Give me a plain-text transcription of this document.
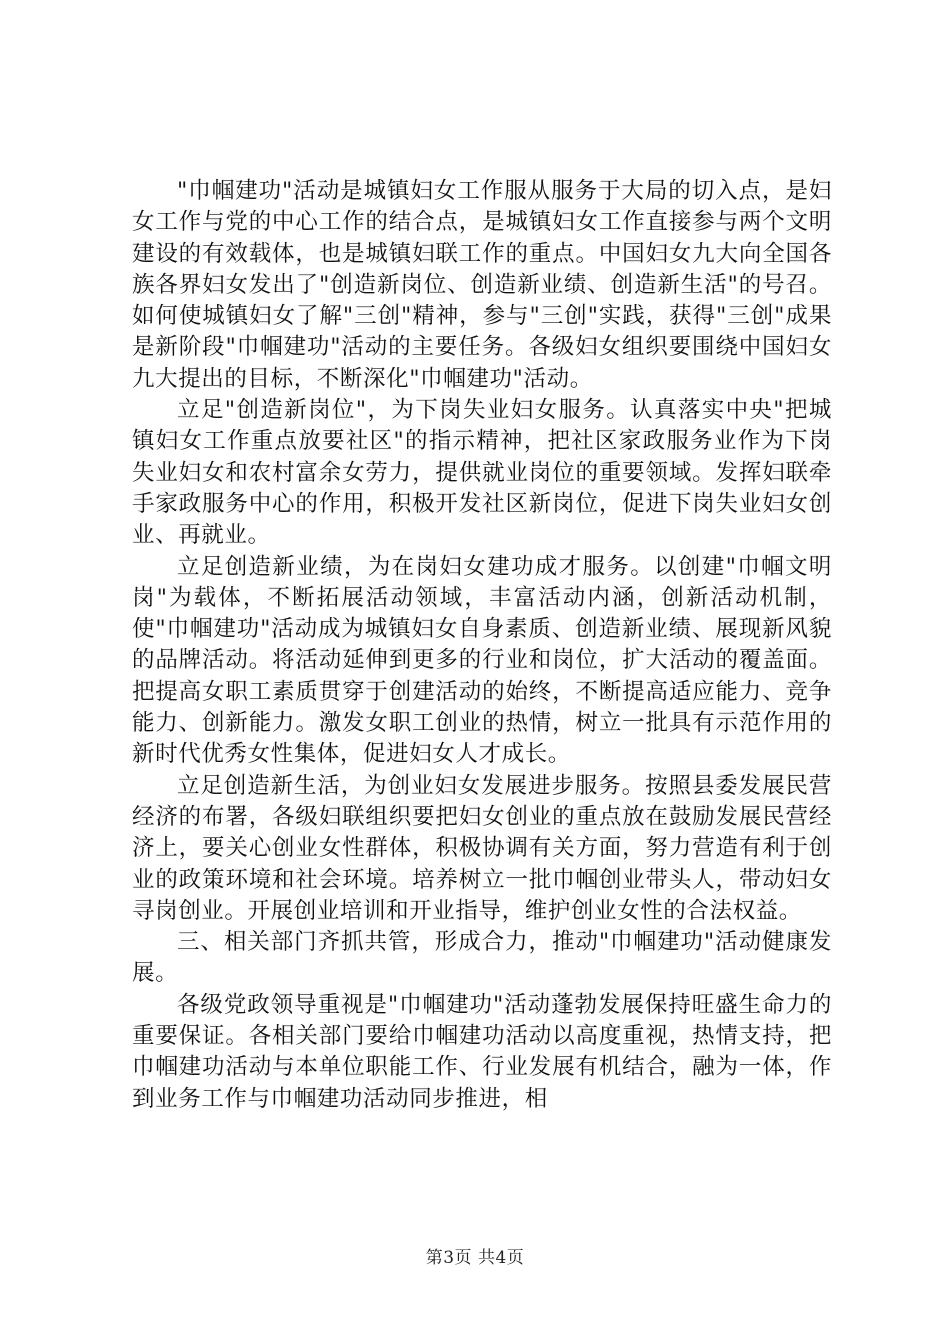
"巾帼建功"活动是城镇妇女工作服从服务于大局的切入点，是妇女工作与党的中心工作的结合点，是城镇妇女工作直接参与两个文明建设的有效载体，也是城镇妇联工作的重点。中国妇女九大向全国各族各界妇女发出了"创造新岗位、创造新业绩、创造新生活"的号召。如何使城镇妇女了解"三创"精神，参与"三创"实践，获得"三创"成果是新阶段"巾帼建功"活动的主要任务。各级妇女组织要围绕中国妇女九大提出的目标，不断深化"巾帼建功"活动。

立足"创造新岗位"，为下岗失业妇女服务。认真落实中央"把城镇妇女工作重点放要社区"的指示精神，把社区家政服务业作为下岗失业妇女和农村富余女劳力，提供就业岗位的重要领域。发挥妇联牵手家政服务中心的作用，积极开发社区新岗位，促进下岗失业妇女创业、再就业。

立足创造新业绩，为在岗妇女建功成才服务。以创建"巾帼文明岗"为载体，不断拓展活动领域，丰富活动内涵，创新活动机制，使"巾帼建功"活动成为城镇妇女自身素质、创造新业绩、展现新风貌的品牌活动。将活动延伸到更多的行业和岗位，扩大活动的覆盖面。把提高女职工素质贯穿于创建活动的始终，不断提高适应能力、竞争能力、创新能力。激发女职工创业的热情，树立一批具有示范作用的新时代优秀女性集体，促进妇女人才成长。

立足创造新生活，为创业妇女发展进步服务。按照县委发展民营经济的布署，各级妇联组织要把妇女创业的重点放在鼓励发展民营经济上，要关心创业女性群体，积极协调有关方面，努力营造有利于创业的政策环境和社会环境。培养树立一批巾帼创业带头人，带动妇女寻岗创业。开展创业培训和开业指导，维护创业女性的合法权益。

三、相关部门齐抓共管，形成合力，推动"巾帼建功"活动健康发展。

各级党政领导重视是"巾帼建功"活动蓬勃发展保持旺盛生命力的重要保证。各相关部门要给巾帼建功活动以高度重视，热情支持，把巾帼建功活动与本单位职能工作、行业发展有机结合，融为一体，作到业务工作与巾帼建功活动同步推进，相

第3页 共4页
